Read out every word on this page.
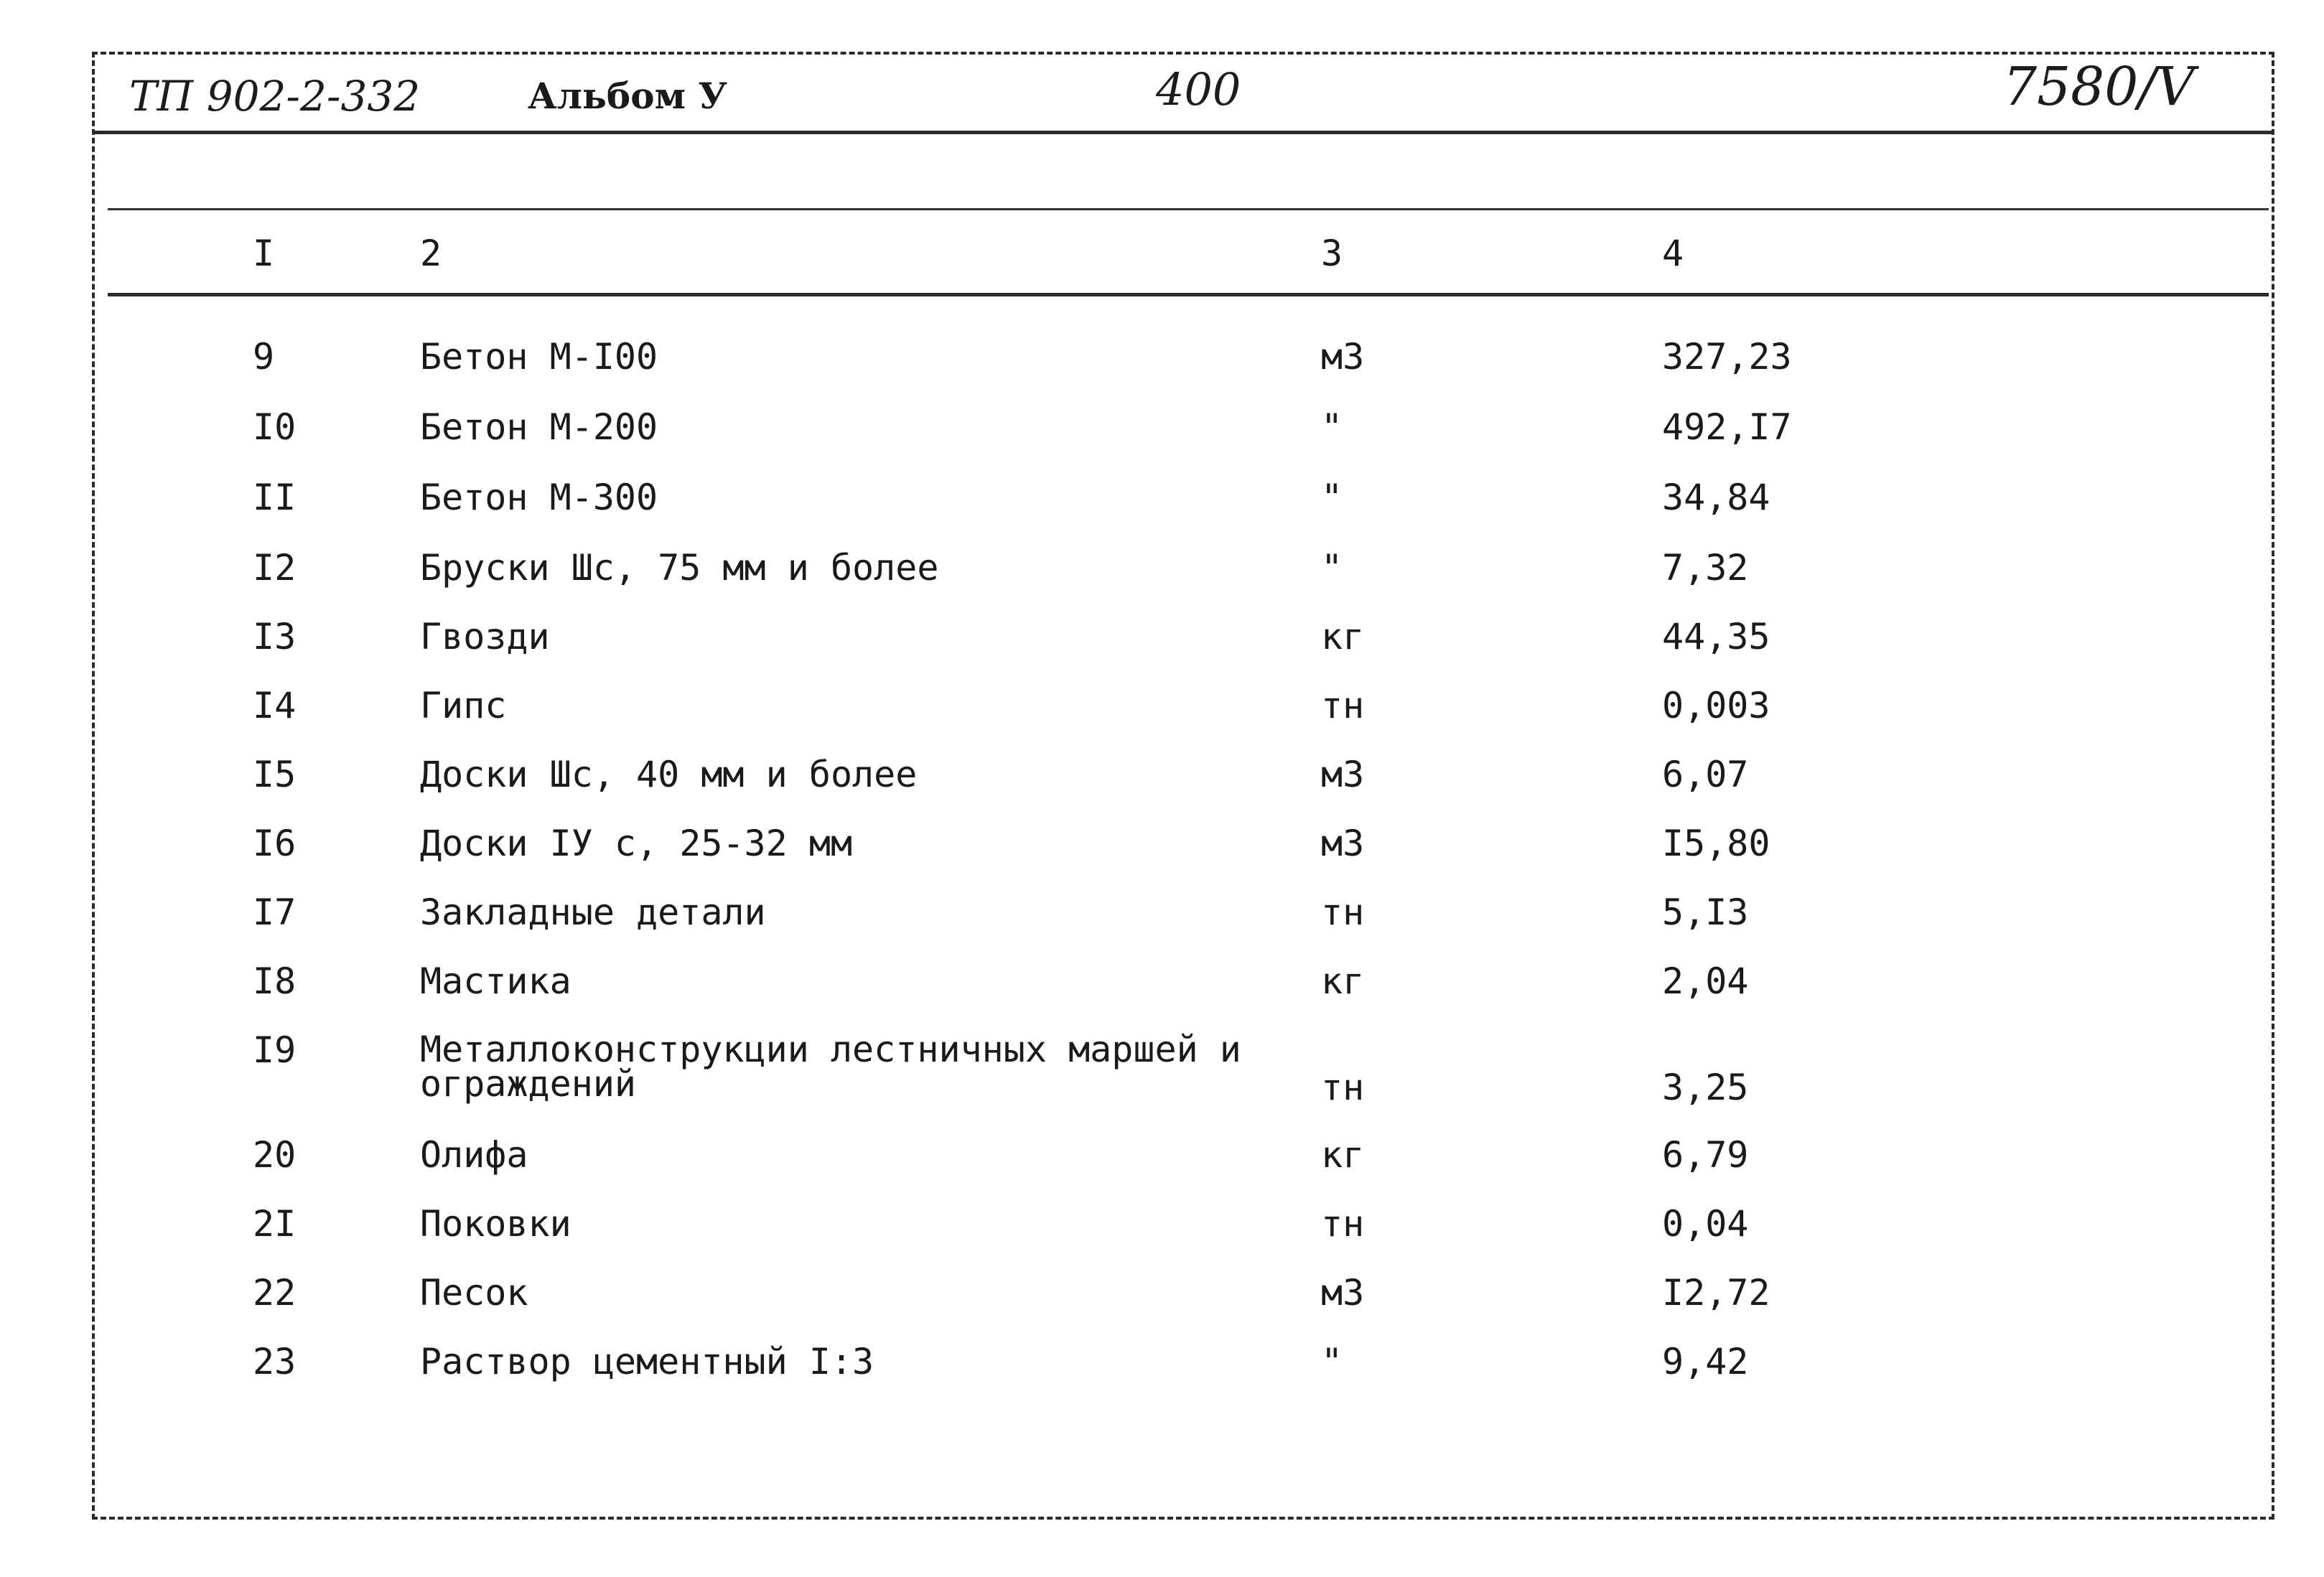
ТП 902-2-332	Альбом У	400	7580/V
I	2	3	4
9	Бетон М-I00	м3	327,23
I0	Бетон М-200	"	492,I7
II	Бетон М-300	"	34,84
I2	Бруски Шс, 75 мм и более	"	7,32
I3	Гвозди	кг	44,35
I4	Гипс	тн	0,003
I5	Доски Шс, 40 мм и более	м3	6,07
I6	Доски IУ с, 25-32 мм	м3	I5,80
I7	Закладные детали	тн	5,I3
I8	Мастика	кг	2,04
I9	Металлоконструкции лестничных маршей и ограждений	тн	3,25
20	Олифа	кг	6,79
2I	Поковки	тн	0,04
22	Песок	м3	I2,72
23	Раствор цементный I:3	"	9,42
